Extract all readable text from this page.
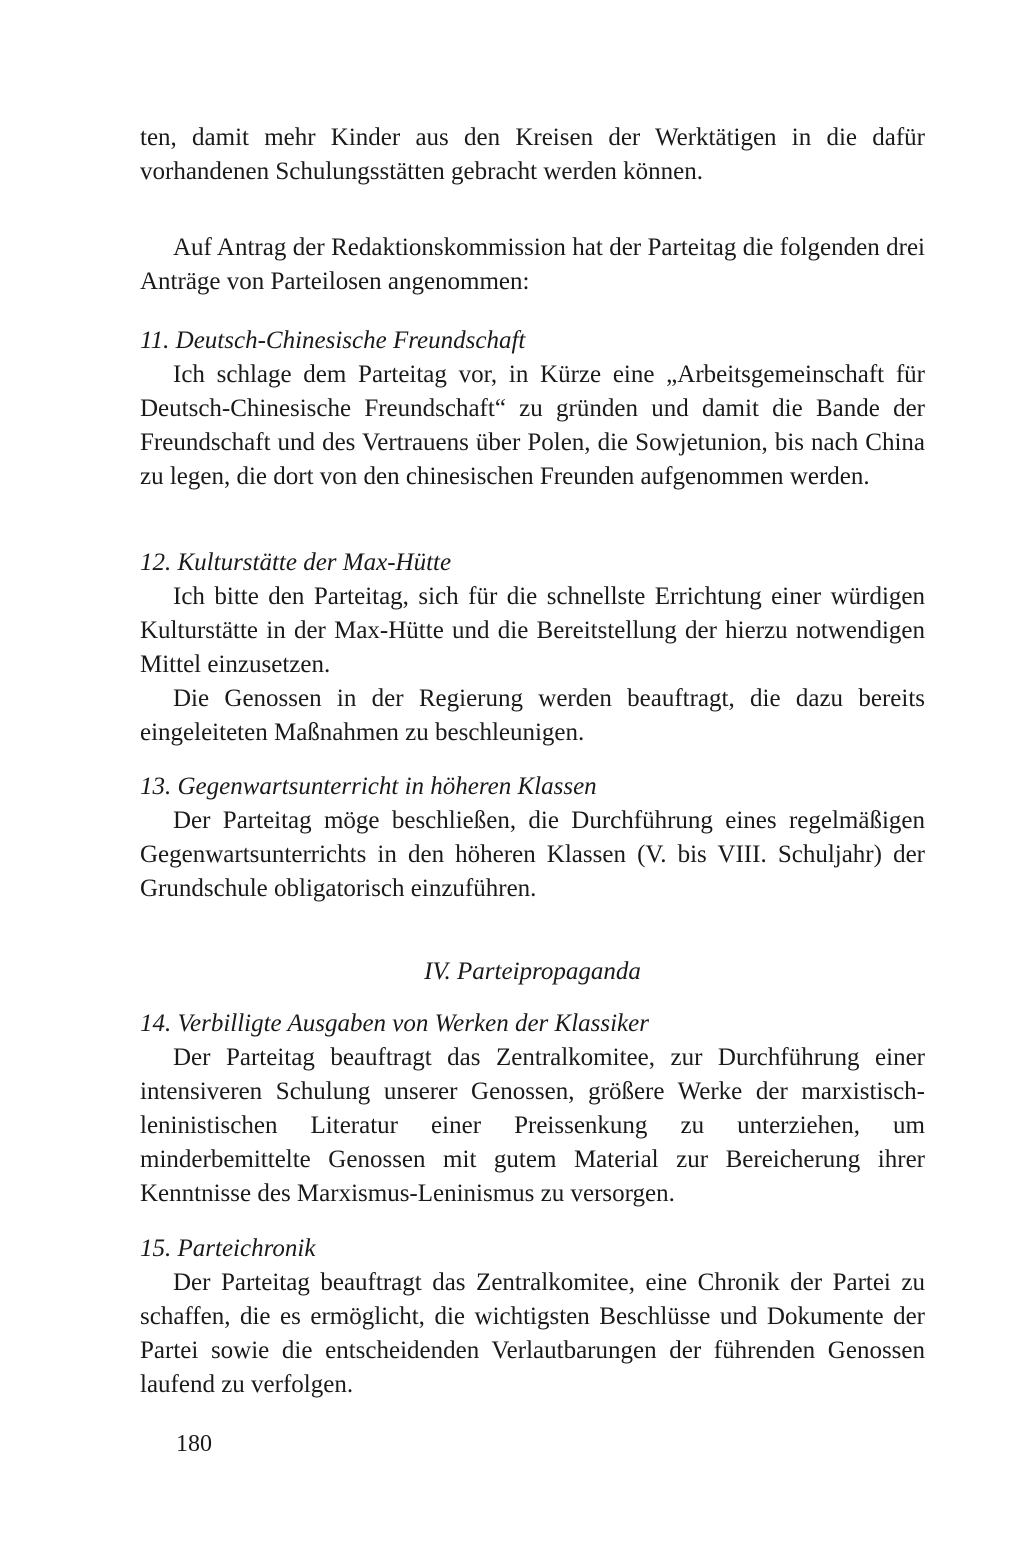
ten, damit mehr Kinder aus den Kreisen der Werktätigen in die dafür vorhandenen Schulungsstätten gebracht werden können.

Auf Antrag der Redaktionskommission hat der Parteitag die folgenden drei Anträge von Parteilosen angenommen:

11. Deutsch-Chinesische Freundschaft

Ich schlage dem Parteitag vor, in Kürze eine „Arbeitsgemeinschaft für Deutsch-Chinesische Freundschaft“ zu gründen und damit die Bande der Freundschaft und des Vertrauens über Polen, die Sowjetunion, bis nach China zu legen, die dort von den chinesischen Freunden aufgenommen werden.

12. Kulturstätte der Max-Hütte

Ich bitte den Parteitag, sich für die schnellste Errichtung einer würdigen Kulturstätte in der Max-Hütte und die Bereitstellung der hierzu notwendigen Mittel einzusetzen.

Die Genossen in der Regierung werden beauftragt, die dazu bereits eingeleiteten Maßnahmen zu beschleunigen.

13. Gegenwartsunterricht in höheren Klassen

Der Parteitag möge beschließen, die Durchführung eines regelmäßigen Gegenwartsunterrichts in den höheren Klassen (V. bis VIII. Schuljahr) der Grundschule obligatorisch einzuführen.

IV. Parteipropaganda

14. Verbilligte Ausgaben von Werken der Klassiker

Der Parteitag beauftragt das Zentralkomitee, zur Durchführung einer intensiveren Schulung unserer Genossen, größere Werke der marxistisch-leninistischen Literatur einer Preissenkung zu unterziehen, um minderbemittelte Genossen mit gutem Material zur Bereicherung ihrer Kenntnisse des Marxismus-Leninismus zu versorgen.

15. Parteichronik

Der Parteitag beauftragt das Zentralkomitee, eine Chronik der Partei zu schaffen, die es ermöglicht, die wichtigsten Beschlüsse und Dokumente der Partei sowie die entscheidenden Verlautbarungen der führenden Genossen laufend zu verfolgen.

180
